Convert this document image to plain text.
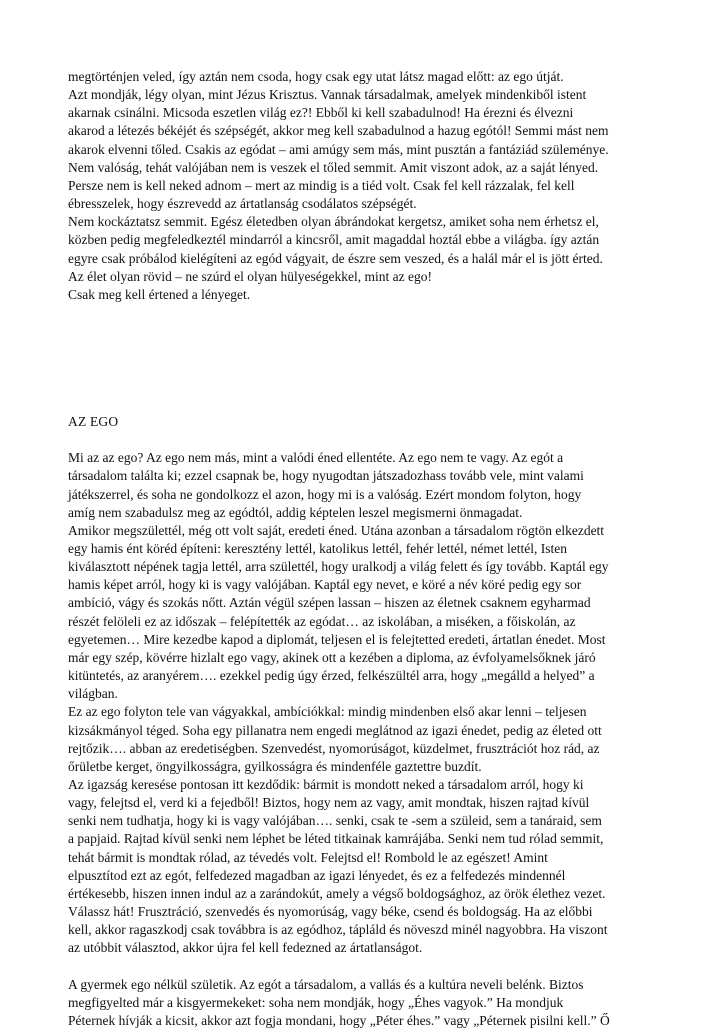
megtörténjen veled, így aztán nem csoda, hogy csak egy utat látsz magad előtt: az ego útját.

Azt mondják, légy olyan, mint Jézus Krisztus. Vannak társadalmak, amelyek mindenkiből istent

akarnak csinálni. Micsoda eszetlen világ ez?! Ebből ki kell szabadulnod! Ha érezni és élvezni

akarod a létezés békéjét és szépségét, akkor meg kell szabadulnod a hazug egótól! Semmi mást nem

akarok elvenni tőled. Csakis az egódat – ami amúgy sem más, mint pusztán a fantáziád szüleménye.

Nem valóság, tehát valójában nem is veszek el tőled semmit. Amit viszont adok, az a saját lényed.

Persze nem is kell neked adnom – mert az mindig is a tiéd volt. Csak fel kell rázzalak, fel kell

ébresszelek, hogy észrevedd az ártatlanság csodálatos szépségét.

Nem kockáztatsz semmit. Egész életedben olyan ábrándokat kergetsz, amiket soha nem érhetsz el,

közben pedig megfeledkeztél mindarról a kincsről, amit magaddal hoztál ebbe a világba. így aztán

egyre csak próbálod kielégíteni az egód vágyait, de észre sem veszed, és a halál már el is jött érted.

Az élet olyan rövid – ne szúrd el olyan hülyeségekkel, mint az ego!

Csak meg kell értened a lényeget.

AZ EGO

Mi az az ego? Az ego nem más, mint a valódi éned ellentéte. Az ego nem te vagy. Az egót a

társadalom találta ki; ezzel csapnak be, hogy nyugodtan játszadozhass tovább vele, mint valami

játékszerrel, és soha ne gondolkozz el azon, hogy mi is a valóság. Ezért mondom folyton, hogy

amíg nem szabadulsz meg az egódtól, addig képtelen leszel megismerni önmagadat.

Amikor megszülettél, még ott volt saját, eredeti éned. Utána azonban a társadalom rögtön elkezdett

egy hamis ént köréd építeni: keresztény lettél, katolikus lettél, fehér lettél, német lettél, Isten

kiválasztott népének tagja lettél, arra születtél, hogy uralkodj a világ felett és így tovább. Kaptál egy

hamis képet arról, hogy ki is vagy valójában. Kaptál egy nevet, e köré a név köré pedig egy sor

ambíció, vágy és szokás nőtt. Aztán végül szépen lassan – hiszen az életnek csaknem egyharmad

részét felöleli ez az időszak – felépítették az egódat… az iskolában, a miséken, a főiskolán, az

egyetemen… Mire kezedbe kapod a diplomát, teljesen el is felejtetted eredeti, ártatlan énedet. Most

már egy szép, kövérre hizlalt ego vagy, akinek ott a kezében a diploma, az évfolyamelsőknek járó

kitüntetés, az aranyérem…. ezekkel pedig úgy érzed, felkészültél arra, hogy „megálld a helyed” a

világban.

Ez az ego folyton tele van vágyakkal, ambíciókkal: mindig mindenben első akar lenni – teljesen

kizsákmányol téged. Soha egy pillanatra nem engedi meglátnod az igazi énedet, pedig az életed ott

rejtőzik…. abban az eredetiségben. Szenvedést, nyomorúságot, küzdelmet, frusztrációt hoz rád, az

őrületbe kerget, öngyilkosságra, gyilkosságra és mindenféle gaztettre buzdít.

Az igazság keresése pontosan itt kezdődik: bármit is mondott neked a társadalom arról, hogy ki

vagy, felejtsd el, verd ki a fejedből! Biztos, hogy nem az vagy, amit mondtak, hiszen rajtad kívül

senki nem tudhatja, hogy ki is vagy valójában…. senki, csak te -sem a szüleid, sem a tanáraid, sem

a papjaid. Rajtad kívül senki nem léphet be léted titkainak kamrájába. Senki nem tud rólad semmit,

tehát bármit is mondtak rólad, az tévedés volt. Felejtsd el! Rombold le az egészet! Amint

elpusztítod ezt az egót, felfedezed magadban az igazi lényedet, és ez a felfedezés mindennél

értékesebb, hiszen innen indul az a zarándokút, amely a végső boldogsághoz, az örök élethez vezet.

Válassz hát! Frusztráció, szenvedés és nyomorúság, vagy béke, csend és boldogság. Ha az előbbi

kell, akkor ragaszkodj csak továbbra is az egódhoz, tápláld és növeszd minél nagyobbra. Ha viszont

az utóbbit választod, akkor újra fel kell fedezned az ártatlanságot.

A gyermek ego nélkül születik. Az egót a társadalom, a vallás és a kultúra neveli belénk. Biztos

megfigyelted már a kisgyermekeket: soha nem mondják, hogy „Éhes vagyok.” Ha mondjuk

Péternek hívják a kicsit, akkor azt fogja mondani, hogy „Péter éhes.” vagy „Péternek pisilni kell.” Ő
